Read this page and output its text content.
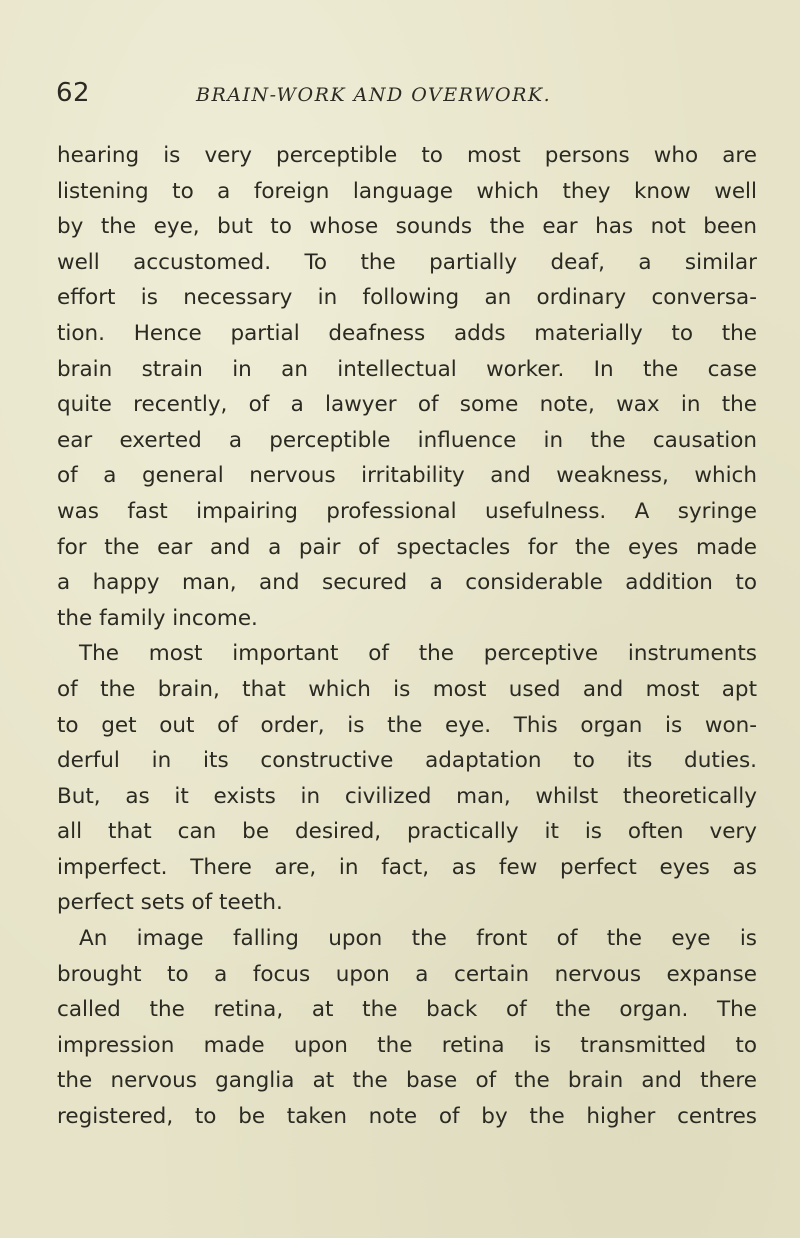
62	BRAIN-WORK AND OVERWORK.
hearing is very perceptible to most persons who are
listening to a foreign language which they know well
by the eye, but to whose sounds the ear has not been
well accustomed. To the partially deaf, a similar
effort is necessary in following an ordinary conversa-
tion. Hence partial deafness adds materially to the
brain strain in an intellectual worker. In the case
quite recently, of a lawyer of some note, wax in the
ear exerted a perceptible influence in the causation
of a general nervous irritability and weakness, which
was fast impairing professional usefulness. A syringe
for the ear and a pair of spectacles for the eyes made
a happy man, and secured a considerable addition to
the family income.
The most important of the perceptive instruments
of the brain, that which is most used and most apt
to get out of order, is the eye. This organ is won-
derful in its constructive adaptation to its duties.
But, as it exists in civilized man, whilst theoretically
all that can be desired, practically it is often very
imperfect. There are, in fact, as few perfect eyes as
perfect sets of teeth.
An image falling upon the front of the eye is
brought to a focus upon a certain nervous expanse
called the retina, at the back of the organ. The
impression made upon the retina is transmitted to
the nervous ganglia at the base of the brain and there
registered, to be taken note of by the higher centres
